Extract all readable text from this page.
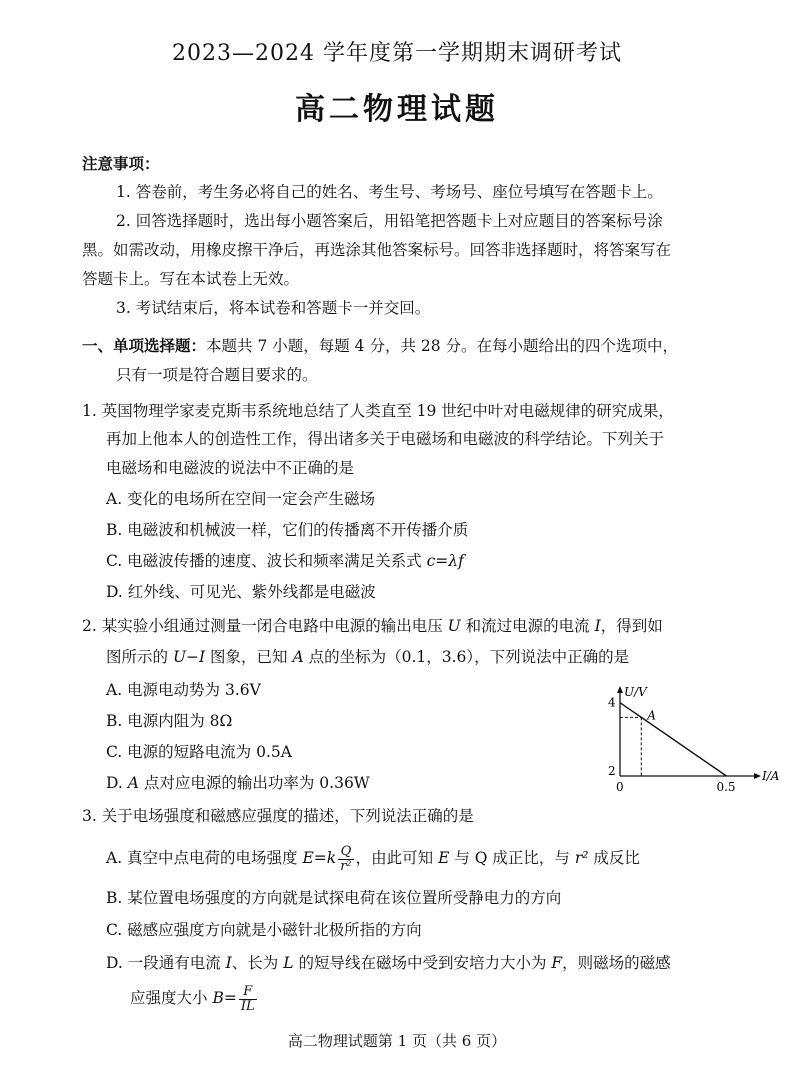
2023—2024 学年度第一学期期末调研考试
高二物理试题
注意事项：
1. 答卷前，考生务必将自己的姓名、考生号、考场号、座位号填写在答题卡上。
2. 回答选择题时，选出每小题答案后，用铅笔把答题卡上对应题目的答案标号涂
黑。如需改动，用橡皮擦干净后，再选涂其他答案标号。回答非选择题时，将答案写在
答题卡上。写在本试卷上无效。
3. 考试结束后，将本试卷和答题卡一并交回。
一、单项选择题：本题共 7 小题，每题 4 分，共 28 分。在每小题给出的四个选项中，
只有一项是符合题目要求的。
1. 英国物理学家麦克斯韦系统地总结了人类直至 19 世纪中叶对电磁规律的研究成果，
再加上他本人的创造性工作，得出诸多关于电磁场和电磁波的科学结论。下列关于
电磁场和电磁波的说法中不正确的是
A. 变化的电场所在空间一定会产生磁场
B. 电磁波和机械波一样，它们的传播离不开传播介质
C. 电磁波传播的速度、波长和频率满足关系式 c=λf
D. 红外线、可见光、紫外线都是电磁波
2. 某实验小组通过测量一闭合电路中电源的输出电压 U 和流过电源的电流 I，得到如
图所示的 U−I 图象，已知 A 点的坐标为（0.1，3.6），下列说法中正确的是
A. 电源电动势为 3.6V
B. 电源内阻为 8Ω
C. 电源的短路电流为 0.5A
D. A 点对应电源的输出功率为 0.36W
U/V
I/A
4
2
0	0.5
A
3. 关于电场强度和磁感应强度的描述，下列说法正确的是
A. 真空中点电荷的电场强度 $E=k \frac{Q}{\text{r²}}$ ，由此可知 E 与 Q 成正比，与 r² 成反比
B. 某位置电场强度的方向就是试探电荷在该位置所受静电力的方向
C. 磁感应强度方向就是小磁针北极所指的方向
D. 一段通有电流 I、长为 L 的短导线在磁场中受到安培力大小为 F，则磁场的磁感
应强度大小 $B= \frac{F}{IL}$
高二物理试题第 1 页（共 6 页）
